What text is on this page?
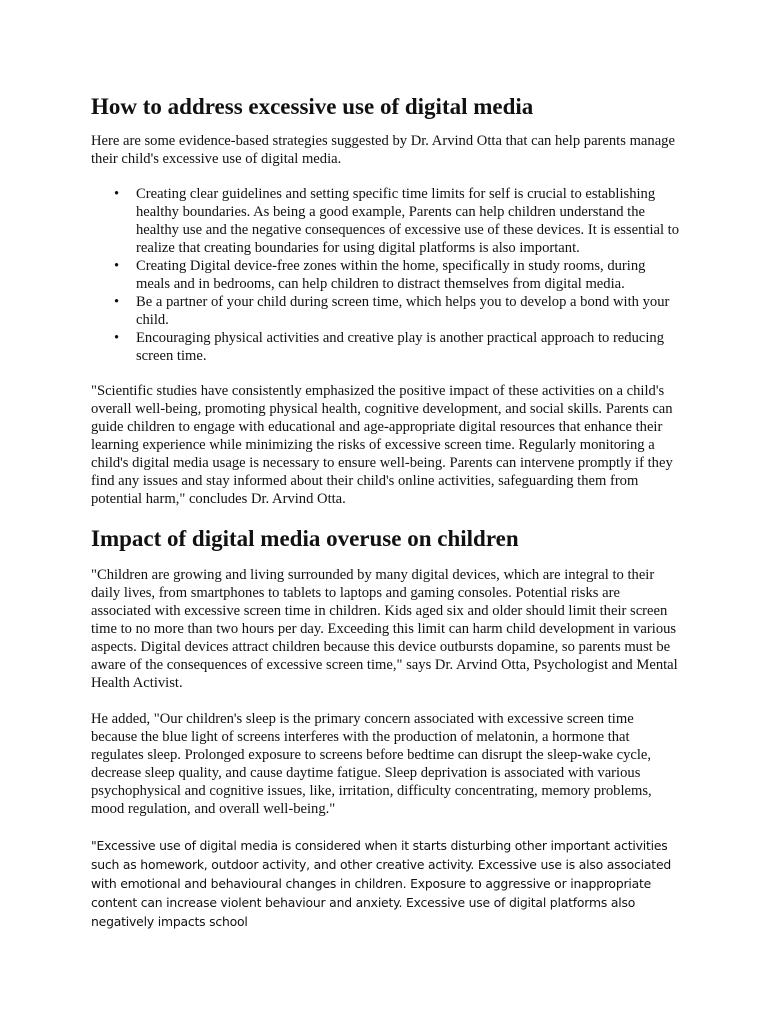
How to address excessive use of digital media

Here are some evidence-based strategies suggested by Dr. Arvind Otta that can help parents manage their child's excessive use of digital media.

• Creating clear guidelines and setting specific time limits for self is crucial to establishing healthy boundaries. As being a good example, Parents can help children understand the healthy use and the negative consequences of excessive use of these devices. It is essential to realize that creating boundaries for using digital platforms is also important.
• Creating Digital device-free zones within the home, specifically in study rooms, during meals and in bedrooms, can help children to distract themselves from digital media.
• Be a partner of your child during screen time, which helps you to develop a bond with your child.
• Encouraging physical activities and creative play is another practical approach to reducing screen time.

"Scientific studies have consistently emphasized the positive impact of these activities on a child's overall well-being, promoting physical health, cognitive development, and social skills. Parents can guide children to engage with educational and age-appropriate digital resources that enhance their learning experience while minimizing the risks of excessive screen time. Regularly monitoring a child's digital media usage is necessary to ensure well-being. Parents can intervene promptly if they find any issues and stay informed about their child's online activities, safeguarding them from potential harm," concludes Dr. Arvind Otta.

Impact of digital media overuse on children

"Children are growing and living surrounded by many digital devices, which are integral to their daily lives, from smartphones to tablets to laptops and gaming consoles. Potential risks are associated with excessive screen time in children. Kids aged six and older should limit their screen time to no more than two hours per day. Exceeding this limit can harm child development in various aspects. Digital devices attract children because this device outbursts dopamine, so parents must be aware of the consequences of excessive screen time," says Dr. Arvind Otta, Psychologist and Mental Health Activist.

He added, "Our children's sleep is the primary concern associated with excessive screen time because the blue light of screens interferes with the production of melatonin, a hormone that regulates sleep. Prolonged exposure to screens before bedtime can disrupt the sleep-wake cycle, decrease sleep quality, and cause daytime fatigue. Sleep deprivation is associated with various psychophysical and cognitive issues, like, irritation, difficulty concentrating, memory problems, mood regulation, and overall well-being."

"Excessive use of digital media is considered when it starts disturbing other important activities such as homework, outdoor activity, and other creative activity. Excessive use is also associated with emotional and behavioural changes in children. Exposure to aggressive or inappropriate content can increase violent behaviour and anxiety. Excessive use of digital platforms also negatively impacts school
